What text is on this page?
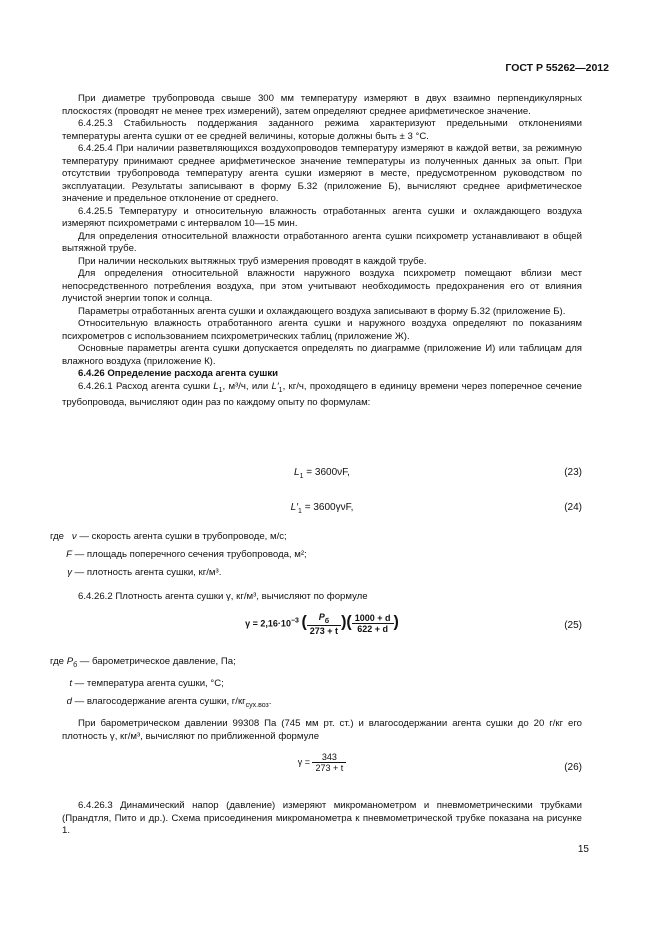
ГОСТ Р 55262—2012

При диаметре трубопровода свыше 300 мм температуру измеряют в двух взаимно перпендикулярных плоскостях (проводят не менее трех измерений), затем определяют среднее арифметическое значение.

6.4.25.3 Стабильность поддержания заданного режима характеризуют предельными отклонениями температуры агента сушки от ее средней величины, которые должны быть ± 3 °С.

6.4.25.4 При наличии разветвляющихся воздухопроводов температуру измеряют в каждой ветви, за режимную температуру принимают среднее арифметическое значение температуры из полученных данных за опыт. При отсутствии трубопровода температуру агента сушки измеряют в месте, предусмотренном руководством по эксплуатации. Результаты записывают в форму Б.32 (приложение Б), вычисляют среднее арифметическое значение и предельное отклонение от среднего.

6.4.25.5 Температуру и относительную влажность отработанных агента сушки и охлаждающего воздуха измеряют психрометрами с интервалом 10—15 мин.

Для определения относительной влажности отработанного агента сушки психрометр устанавливают в общей вытяжной трубе.

При наличии нескольких вытяжных труб измерения проводят в каждой трубе.

Для определения относительной влажности наружного воздуха психрометр помещают вблизи мест непосредственного потребления воздуха, при этом учитывают необходимость предохранения его от влияния лучистой энергии топок и солнца.

Параметры отработанных агента сушки и охлаждающего воздуха записывают в форму Б.32 (приложение Б).

Относительную влажность отработанного агента сушки и наружного воздуха определяют по показаниям психрометров с использованием психрометрических таблиц (приложение Ж).

Основные параметры агента сушки допускается определять по диаграмме (приложение И) или таблицам для влажного воздуха (приложение К).

6.4.26 Определение расхода агента сушки

6.4.26.1 Расход агента сушки $L_1$, м³/ч, или $L'_1$, кг/ч, проходящего в единицу времени через поперечное сечение трубопровода, вычисляют один раз по каждому опыту по формулам:

$L_1 = 3600\nu F$,	(23)
$L'_1 = 3600\gamma\nu F$,	(24)
где ν — скорость агента сушки в трубопроводе, м/с;
F — площадь поперечного сечения трубопровода, м²;
γ — плотность агента сушки, кг/м³.

6.4.26.2 Плотность агента сушки γ, кг/м³, вычисляют по формуле

$\gamma = 2,16\cdot 10^{-3}$ ( $\frac{P_б}{273 + t}$ )( $\frac{1000 + d}{622 + d}$ )	(25)
где $P_б$ — барометрическое давление, Па;
t — температура агента сушки, °С;
d — влагосодержание агента сушки, $г/кг_{сух.воз}$.

При барометрическом давлении 99308 Па (745 мм рт. ст.) и влагосодержании агента сушки до 20 г/кг его плотность γ, кг/м³, вычисляют по приближенной формуле

$\gamma = \frac{343}{273 + t}$	(26)

6.4.26.3 Динамический напор (давление) измеряют микроманометром и пневмометрическими трубками (Прандтля, Пито и др.). Схема присоединения микроманометра к пневмометрической трубке показана на рисунке 1.

15
